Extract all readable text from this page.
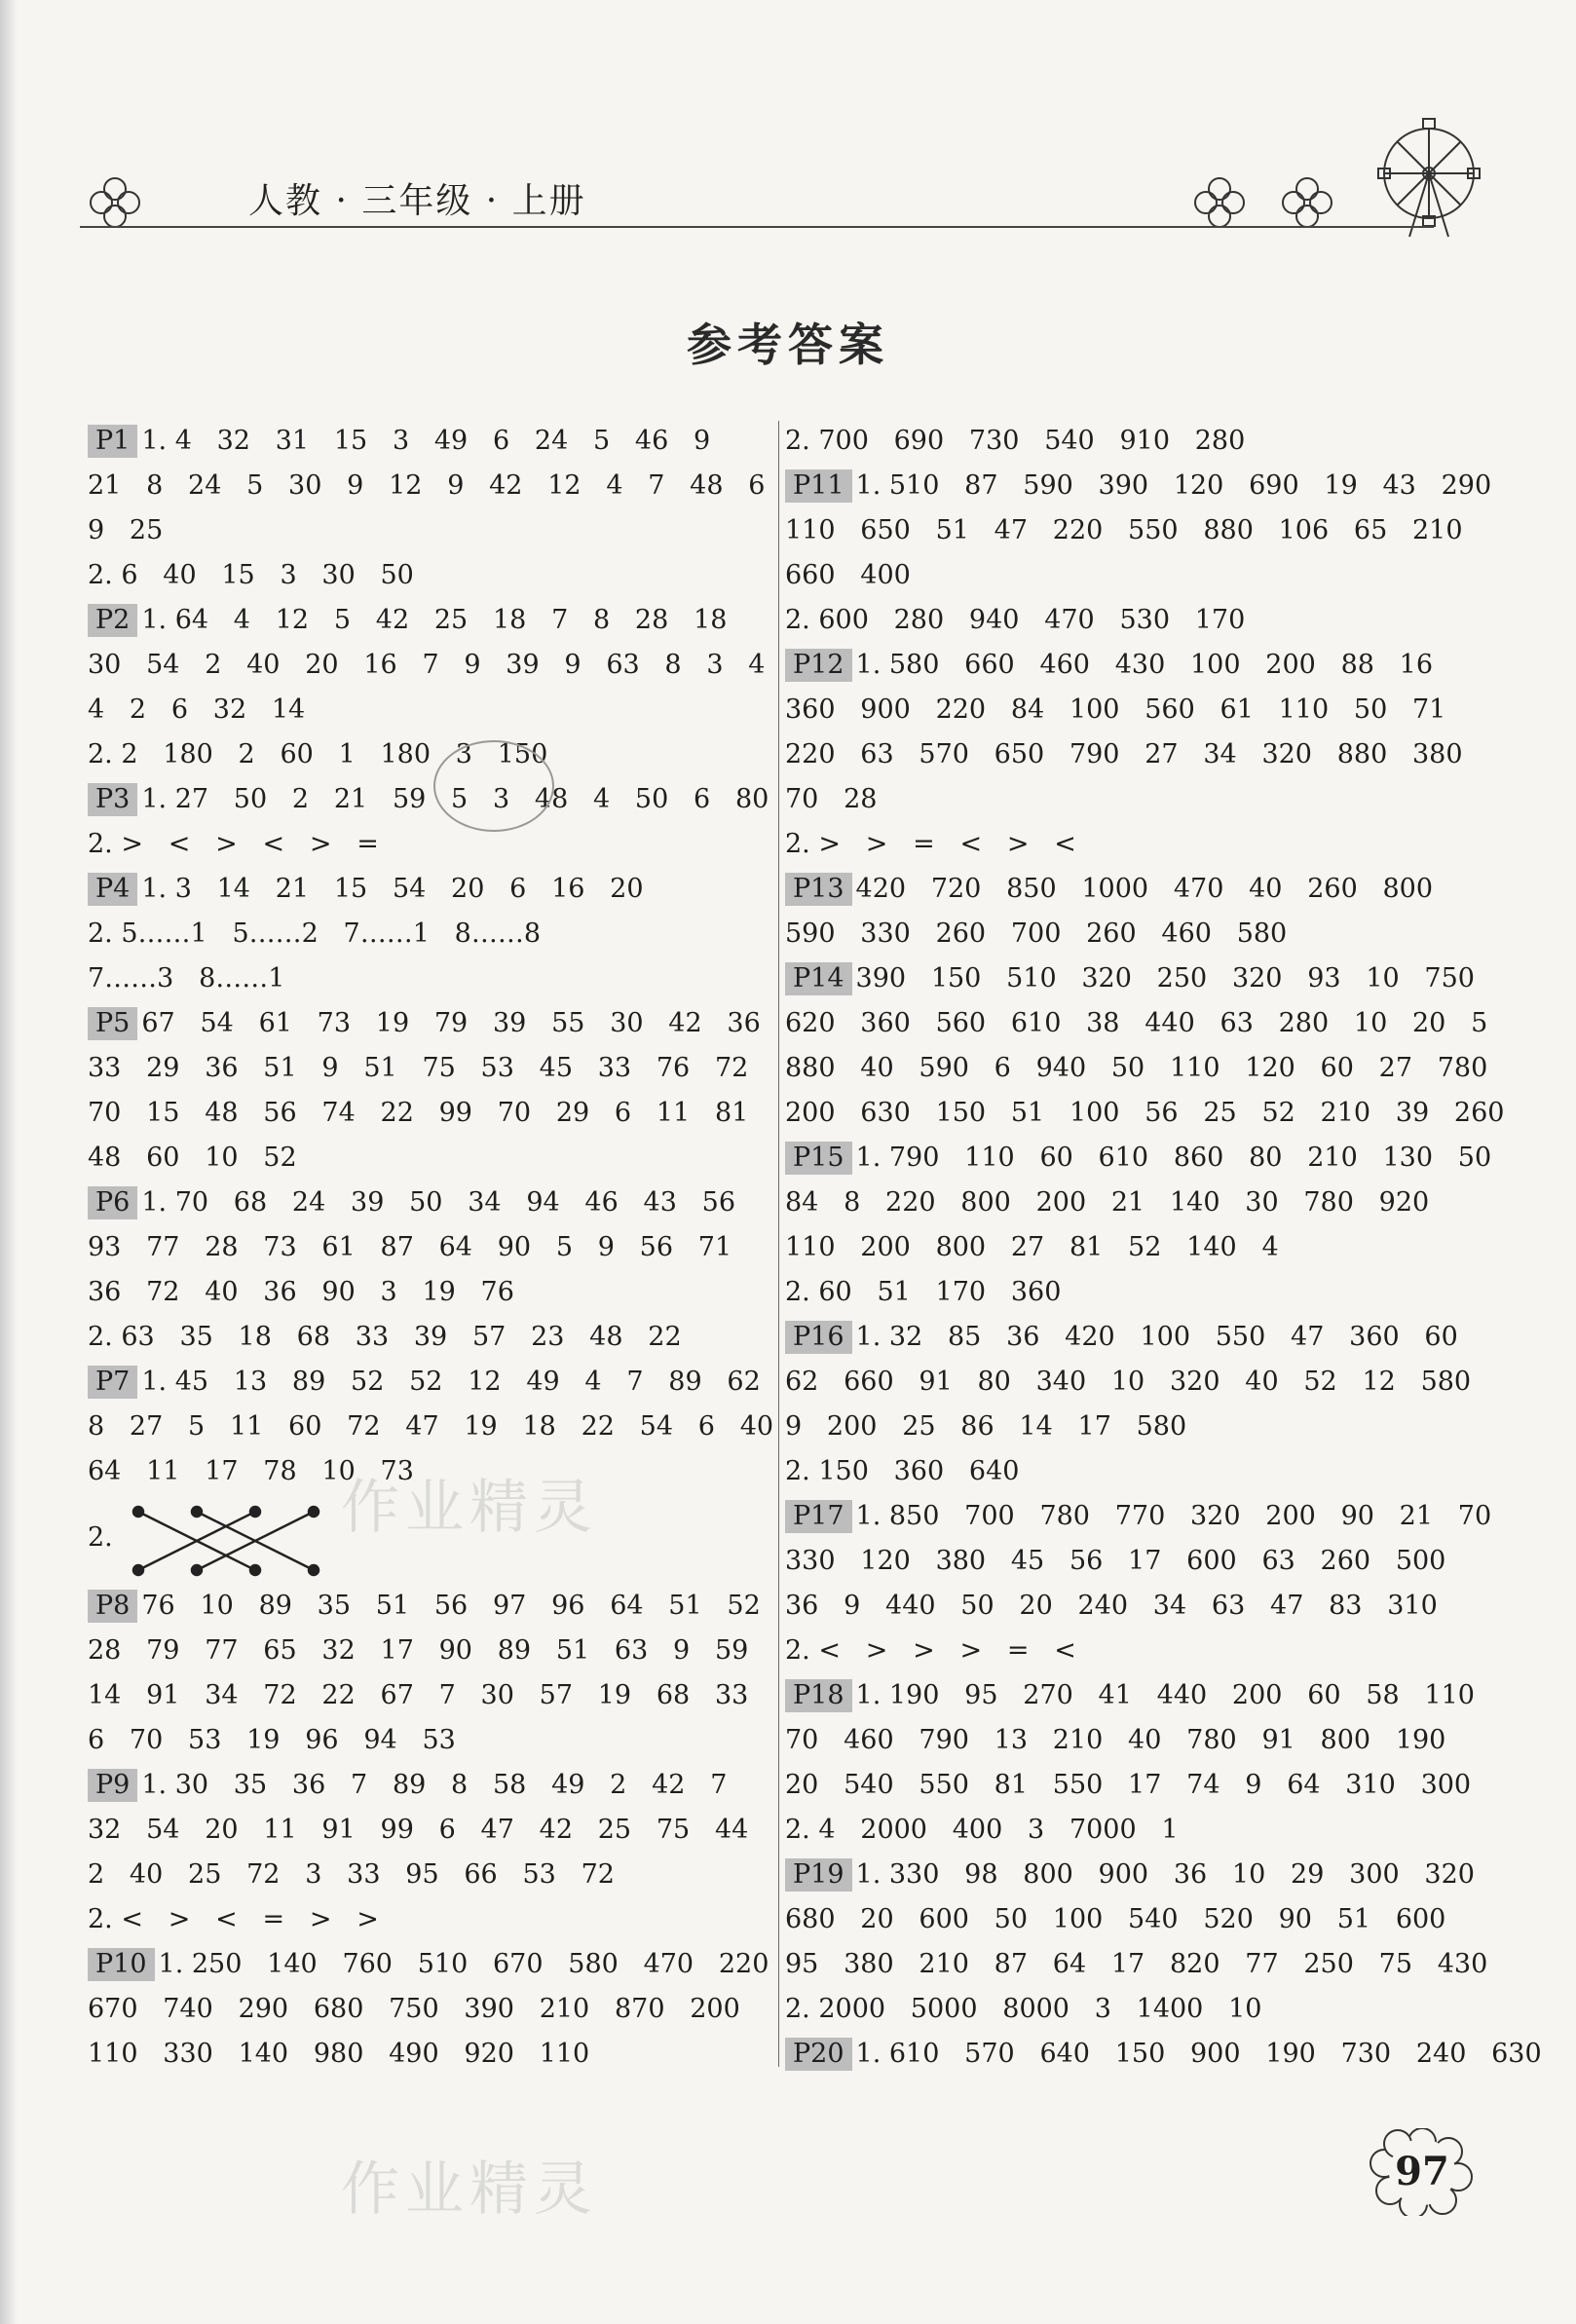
人教 · 三年级 · 上册
参考答案
P1 1. 4   32   31   15   3   49   6   24   5   46   9
21   8   24   5   30   9   12   9   42   12   4   7   48   6
9   25
2. 6   40   15   3   30   50
P2 1. 64   4   12   5   42   25   18   7   8   28   18
30   54   2   40   20   16   7   9   39   9   63   8   3   4
4   2   6   32   14
2. 2   180   2   60   1   180   3   150
P3 1. 27   50   2   21   59   5   3   48   4   50   6   80
2. >   <   >   <   >   =
P4 1. 3   14   21   15   54   20   6   16   20
2. 5……1   5……2   7……1   8……8
7……3   8……1
P5 67   54   61   73   19   79   39   55   30   42   36
33   29   36   51   9   51   75   53   45   33   76   72
70   15   48   56   74   22   99   70   29   6   11   81
48   60   10   52
P6 1. 70   68   24   39   50   34   94   46   43   56
93   77   28   73   61   87   64   90   5   9   56   71
36   72   40   36   90   3   19   76
2. 63   35   18   68   33   39   57   23   48   22
P7 1. 45   13   89   52   52   12   49   4   7   89   62
8   27   5   11   60   72   47   19   18   22   54   6   40
64   11   17   78   10   73

2.

P8 76   10   89   35   51   56   97   96   64   51   52
28   79   77   65   32   17   90   89   51   63   9   59
14   91   34   72   22   67   7   30   57   19   68   33
6   70   53   19   96   94   53
P9 1. 30   35   36   7   89   8   58   49   2   42   7
32   54   20   11   91   99   6   47   42   25   75   44
2   40   25   72   3   33   95   66   53   72
2. <   >   <   =   >   >
P10 1. 250   140   760   510   670   580   470   220
670   740   290   680   750   390   210   870   200
110   330   140   980   490   920   110
2. 700   690   730   540   910   280
P11 1. 510   87   590   390   120   690   19   43   290
110   650   51   47   220   550   880   106   65   210
660   400
2. 600   280   940   470   530   170
P12 1. 580   660   460   430   100   200   88   16
360   900   220   84   100   560   61   110   50   71
220   63   570   650   790   27   34   320   880   380
70   28
2. >   >   =   <   >   <
P13 420   720   850   1000   470   40   260   800
590   330   260   700   260   460   580
P14 390   150   510   320   250   320   93   10   750
620   360   560   610   38   440   63   280   10   20   5
880   40   590   6   940   50   110   120   60   27   780
200   630   150   51   100   56   25   52   210   39   260
P15 1. 790   110   60   610   860   80   210   130   50
84   8   220   800   200   21   140   30   780   920
110   200   800   27   81   52   140   4
2. 60   51   170   360
P16 1. 32   85   36   420   100   550   47   360   60
62   660   91   80   340   10   320   40   52   12   580
9   200   25   86   14   17   580
2. 150   360   640
P17 1. 850   700   780   770   320   200   90   21   70
330   120   380   45   56   17   600   63   260   500
36   9   440   50   20   240   34   63   47   83   310
2. <   >   >   >   =   <
P18 1. 190   95   270   41   440   200   60   58   110
70   460   790   13   210   40   780   91   800   190
20   540   550   81   550   17   74   9   64   310   300
2. 4   2000   400   3   7000   1
P19 1. 330   98   800   900   36   10   29   300   320
680   20   600   50   100   540   520   90   51   600
95   380   210   87   64   17   820   77   250   75   430
2. 2000   5000   8000   3   1400   10
P20 1. 610   570   640   150   900   190   730   240   630
作业精灵
作业精灵	97
